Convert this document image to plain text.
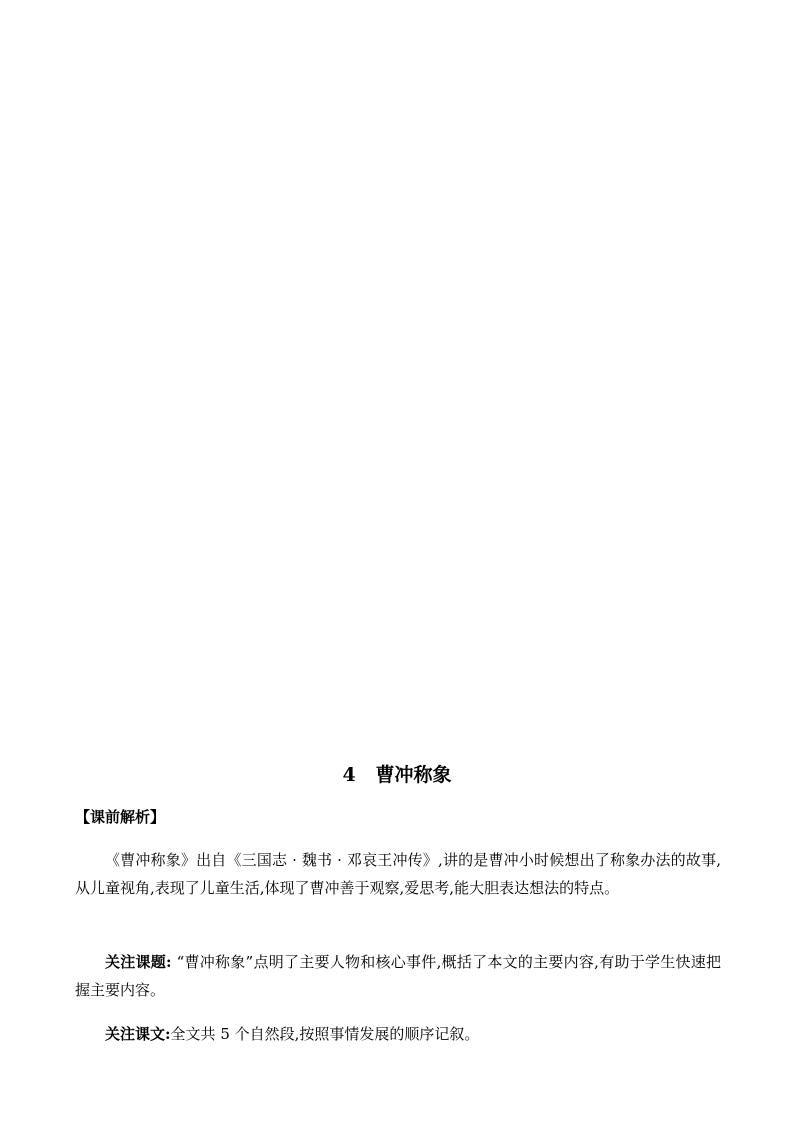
4   曹冲称象
【课前解析】
《曹冲称象》出自《三国志 · 魏书 · 邓哀王冲传》,讲的是曹冲小时候想出了称象办法的故事,从儿童视角,表现了儿童生活,体现了曹冲善于观察,爱思考,能大胆表达想法的特点。
关注课题: “曹冲称象”点明了主要人物和核心事件,概括了本文的主要内容,有助于学生快速把握主要内容。
关注课文:全文共 5 个自然段,按照事情发展的顺序记叙。
